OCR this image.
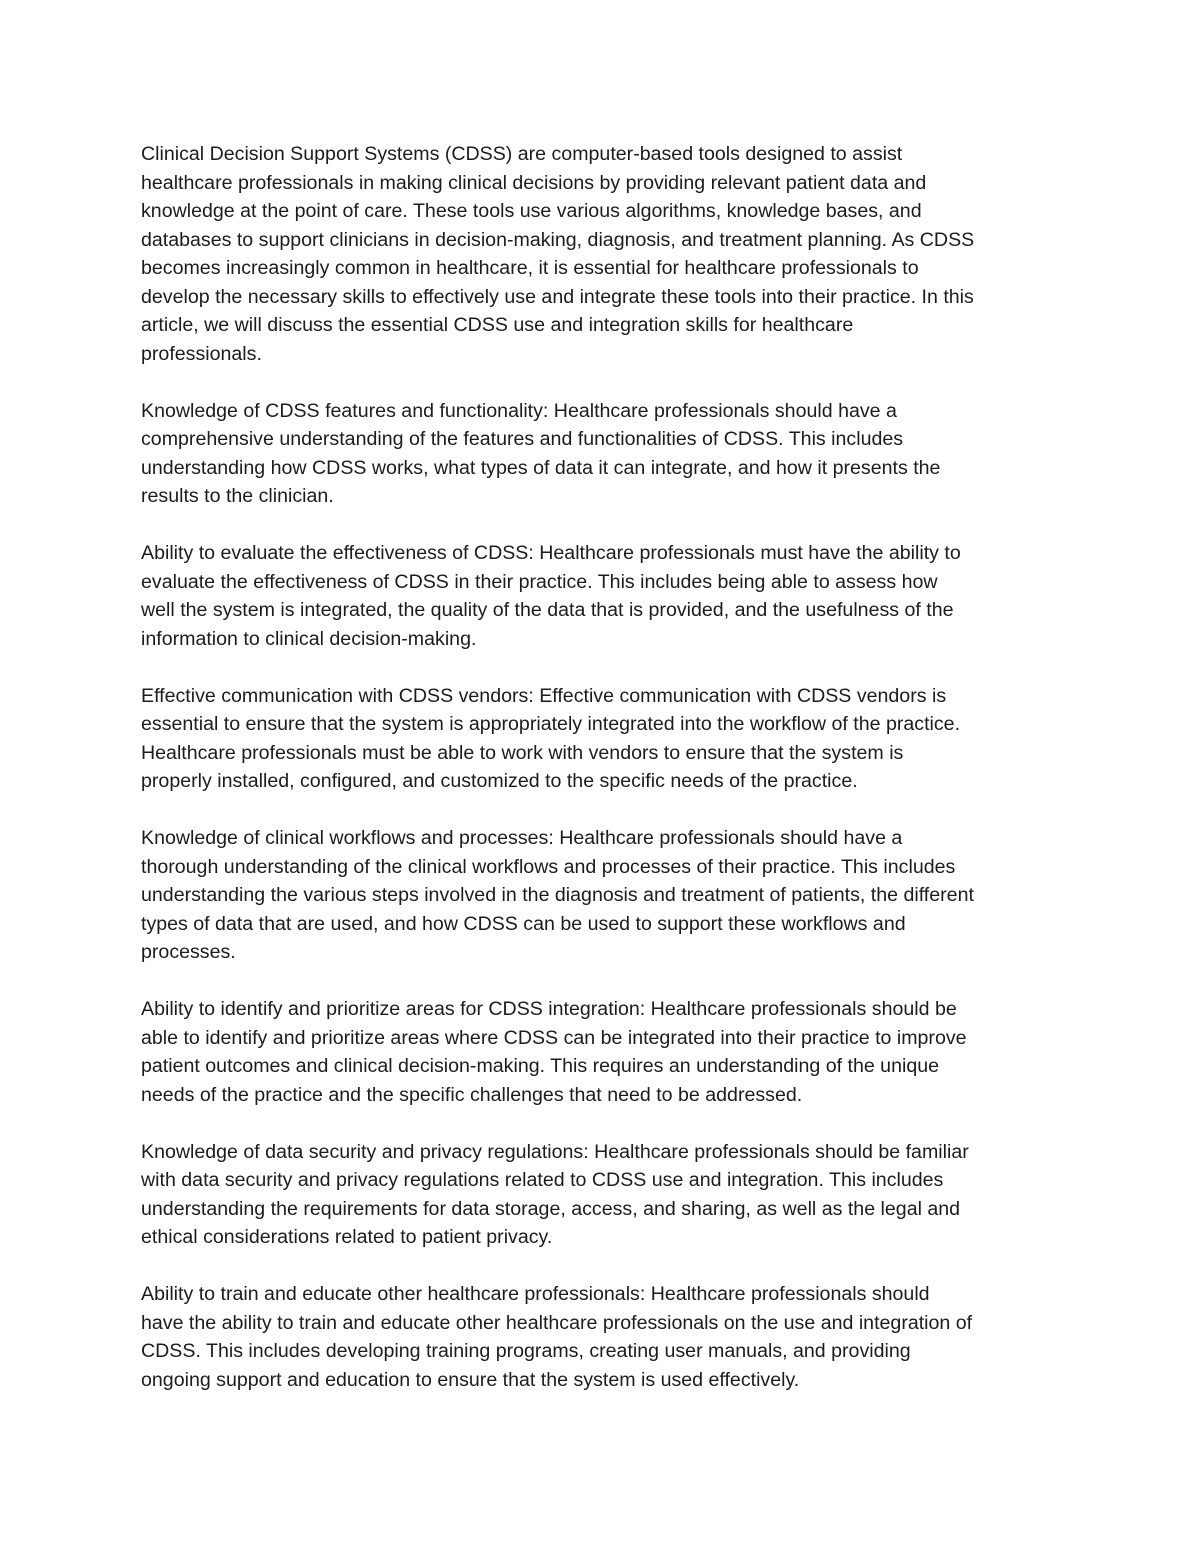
Clinical Decision Support Systems (CDSS) are computer-based tools designed to assist
healthcare professionals in making clinical decisions by providing relevant patient data and
knowledge at the point of care. These tools use various algorithms, knowledge bases, and
databases to support clinicians in decision-making, diagnosis, and treatment planning. As CDSS
becomes increasingly common in healthcare, it is essential for healthcare professionals to
develop the necessary skills to effectively use and integrate these tools into their practice. In this
article, we will discuss the essential CDSS use and integration skills for healthcare
professionals.

Knowledge of CDSS features and functionality: Healthcare professionals should have a
comprehensive understanding of the features and functionalities of CDSS. This includes
understanding how CDSS works, what types of data it can integrate, and how it presents the
results to the clinician.

Ability to evaluate the effectiveness of CDSS: Healthcare professionals must have the ability to
evaluate the effectiveness of CDSS in their practice. This includes being able to assess how
well the system is integrated, the quality of the data that is provided, and the usefulness of the
information to clinical decision-making.

Effective communication with CDSS vendors: Effective communication with CDSS vendors is
essential to ensure that the system is appropriately integrated into the workflow of the practice.
Healthcare professionals must be able to work with vendors to ensure that the system is
properly installed, configured, and customized to the specific needs of the practice.

Knowledge of clinical workflows and processes: Healthcare professionals should have a
thorough understanding of the clinical workflows and processes of their practice. This includes
understanding the various steps involved in the diagnosis and treatment of patients, the different
types of data that are used, and how CDSS can be used to support these workflows and
processes.

Ability to identify and prioritize areas for CDSS integration: Healthcare professionals should be
able to identify and prioritize areas where CDSS can be integrated into their practice to improve
patient outcomes and clinical decision-making. This requires an understanding of the unique
needs of the practice and the specific challenges that need to be addressed.

Knowledge of data security and privacy regulations: Healthcare professionals should be familiar
with data security and privacy regulations related to CDSS use and integration. This includes
understanding the requirements for data storage, access, and sharing, as well as the legal and
ethical considerations related to patient privacy.

Ability to train and educate other healthcare professionals: Healthcare professionals should
have the ability to train and educate other healthcare professionals on the use and integration of
CDSS. This includes developing training programs, creating user manuals, and providing
ongoing support and education to ensure that the system is used effectively.
